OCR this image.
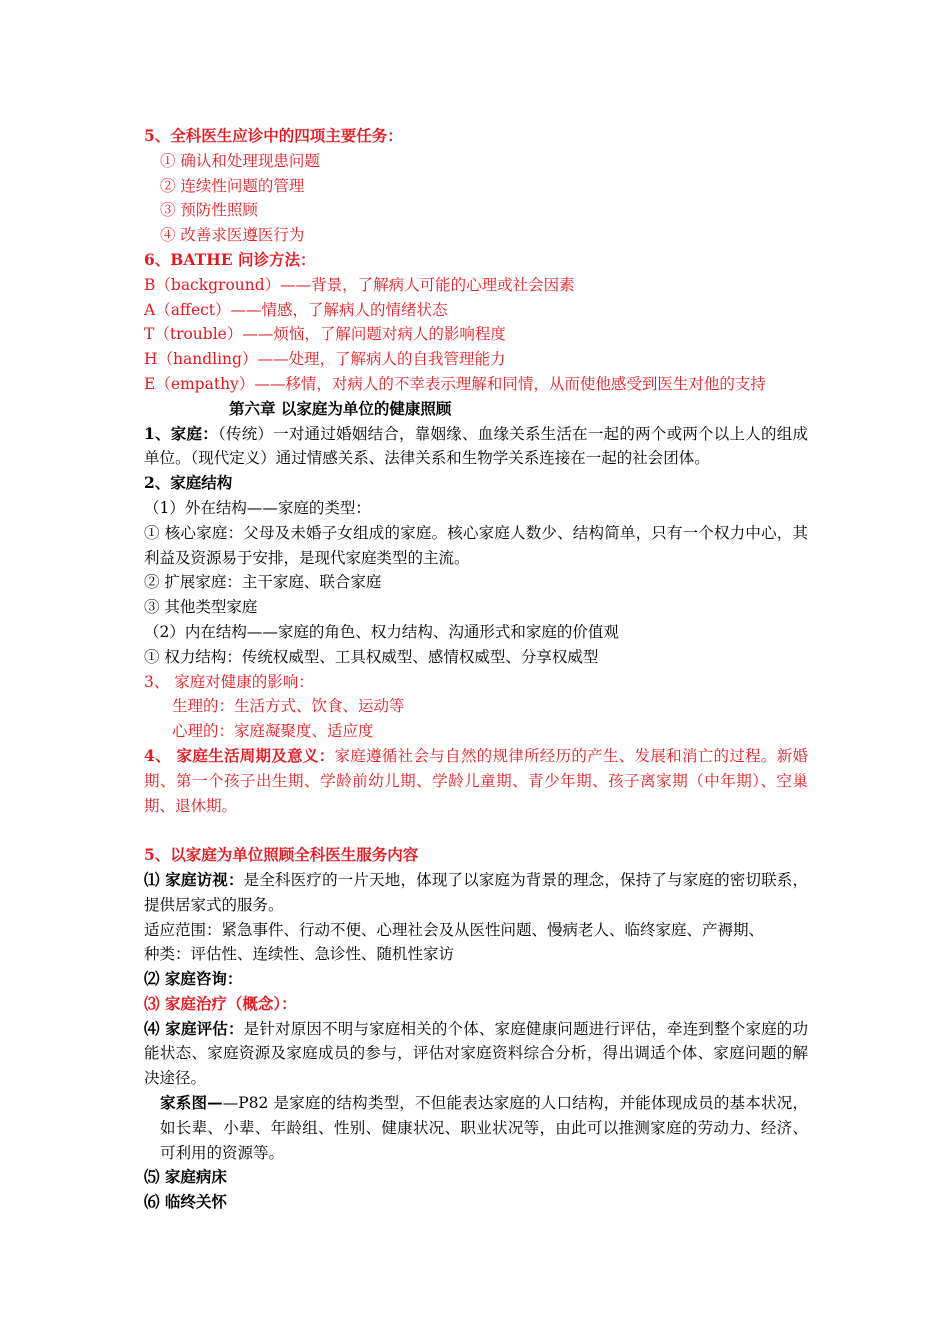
5、全科医生应诊中的四项主要任务：
① 确认和处理现患问题
② 连续性问题的管理
③ 预防性照顾
④ 改善求医遵医行为
6、BATHE 问诊方法：
B（background）——背景，了解病人可能的心理或社会因素
A（affect）——情感，了解病人的情绪状态
T（trouble）——烦恼，了解问题对病人的影响程度
H（handling）——处理，了解病人的自我管理能力
E（empathy）——移情，对病人的不幸表示理解和同情，从而使他感受到医生对他的支持
第六章 以家庭为单位的健康照顾
1、家庭：（传统）一对通过婚姻结合，靠姻缘、血缘关系生活在一起的两个或两个以上人的组成单位。（现代定义）通过情感关系、法律关系和生物学关系连接在一起的社会团体。
2、家庭结构
（1）外在结构——家庭的类型：
① 核心家庭：父母及未婚子女组成的家庭。核心家庭人数少、结构简单，只有一个权力中心，其利益及资源易于安排，是现代家庭类型的主流。
② 扩展家庭：主干家庭、联合家庭
③ 其他类型家庭
（2）内在结构——家庭的角色、权力结构、沟通形式和家庭的价值观
① 权力结构：传统权威型、工具权威型、感情权威型、分享权威型
3、 家庭对健康的影响：
生理的：生活方式、饮食、运动等
心理的：家庭凝聚度、适应度
4、 家庭生活周期及意义：家庭遵循社会与自然的规律所经历的产生、发展和消亡的过程。新婚期、第一个孩子出生期、学龄前幼儿期、学龄儿童期、青少年期、孩子离家期（中年期）、空巢期、退休期。
5、以家庭为单位照顾全科医生服务内容
⑴ 家庭访视：是全科医疗的一片天地，体现了以家庭为背景的理念，保持了与家庭的密切联系，提供居家式的服务。
适应范围：紧急事件、行动不便、心理社会及从医性问题、慢病老人、临终家庭、产褥期、
种类：评估性、连续性、急诊性、随机性家访
⑵ 家庭咨询：
⑶ 家庭治疗（概念）：
⑷ 家庭评估：是针对原因不明与家庭相关的个体、家庭健康问题进行评估，牵连到整个家庭的功能状态、家庭资源及家庭成员的参与，评估对家庭资料综合分析，得出调适个体、家庭问题的解决途径。
家系图——P82 是家庭的结构类型，不但能表达家庭的人口结构，并能体现成员的基本状况，如长辈、小辈、年龄组、性别、健康状况、职业状况等，由此可以推测家庭的劳动力、经济、可利用的资源等。
⑸ 家庭病床
⑹ 临终关怀
